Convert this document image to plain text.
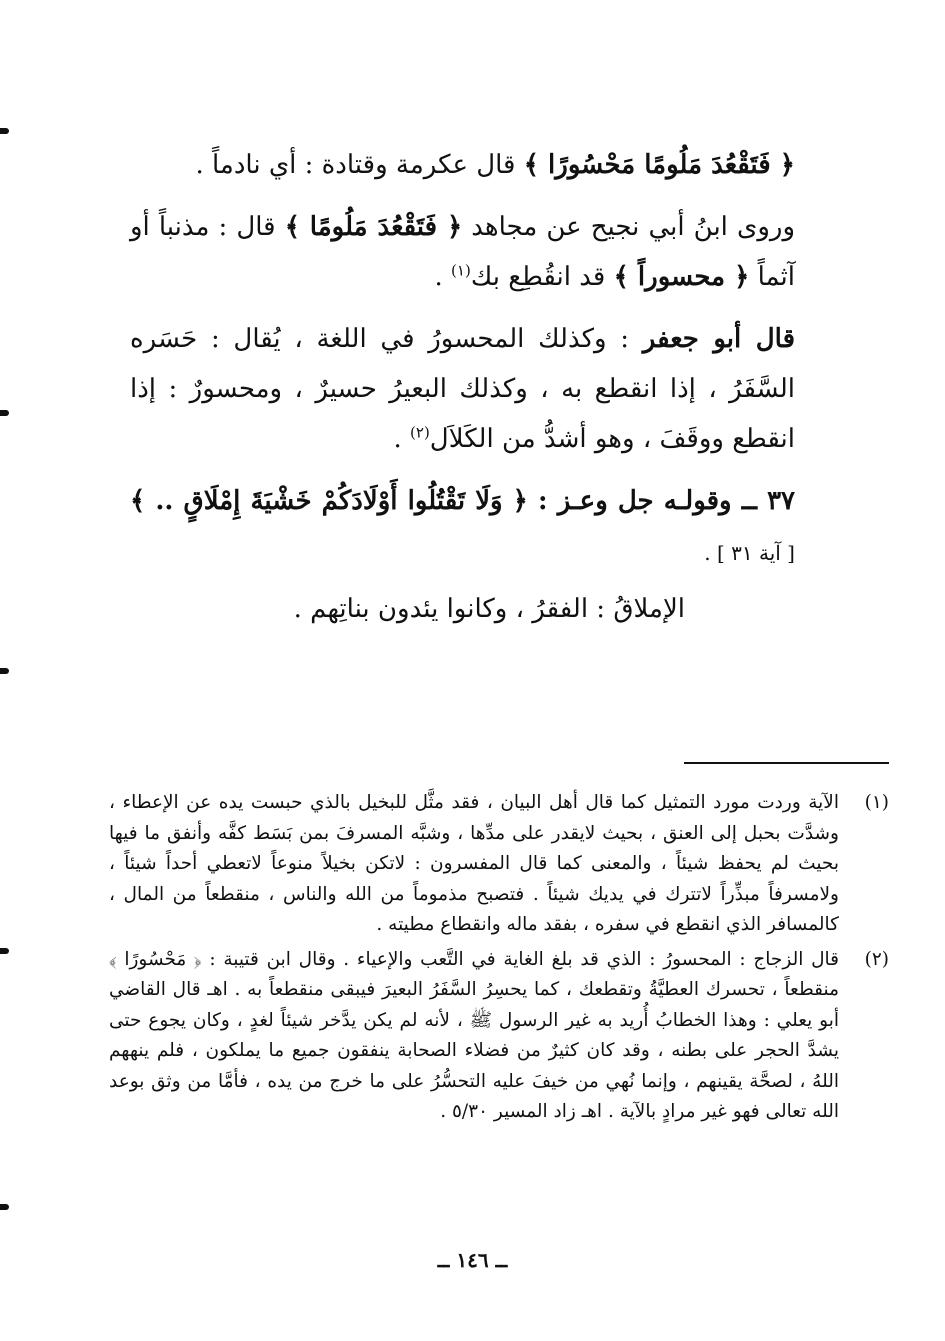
﴿ فَتَقْعُدَ مَلُومًا مَحْسُورًا ﴾ قال عكرمة وقتادة : أي نادماً .

وروى ابنُ أبي نجيح عن مجاهد ﴿ فَتَقْعُدَ مَلُومًا ﴾ قال : مذنباً أو آثماً ﴿ محسوراً ﴾ قد انقُطِع بك$^{(١)}$ .

قال أبو جعفر : وكذلك المحسورُ في اللغة ، يُقال : حَسَره السَّفَرُ ، إذا انقطع به ، وكذلك البعيرُ حسيرٌ ، ومحسورٌ : إذا انقطع ووقَفَ ، وهو أشدُّ من الكَلاَل$^{(٢)}$ .

٣٧ ــ وقولـه جل وعـز : ﴿ وَلَا تَقْتُلُوا أَوْلَادَكُمْ خَشْيَةَ إِمْلَاقٍ .. ﴾ [ آية ٣١ ] .

الإملاقُ : الفقرُ ، وكانوا يئدون بناتِهم .

(١)
الآية وردت مورد التمثيل كما قال أهل البيان ، فقد مثَّل للبخيل بالذي حبست يده عن الإعطاء ، وشدَّت بحبل إلى العنق ، بحيث لايقدر على مدِّها ، وشبَّه المسرفَ بمن بَسَط كفَّه وأنفق ما فيها بحيث لم يحفظ شيئاً ، والمعنى كما قال المفسرون : لاتكن بخيلاً منوعاً لاتعطي أحداً شيئاً ، ولامسرفاً مبذِّراً لاتترك في يديك شيئاً . فتصبح مذموماً من الله والناس ، منقطعاً من المال ، كالمسافر الذي انقطع في سفره ، بفقد ماله وانقطاع مطيته .
(٢)
قال الزجاج : المحسورُ : الذي قد بلغ الغاية في التَّعب والإعياء . وقال ابن قتيبة : ﴿ مَحْسُورًا ﴾ منقطعاً ، تحسرك العطيَّةُ وتقطعك ، كما يحسِرُ السَّفَرُ البعيرَ فيبقى منقطعاً به . اهـ قال القاضي أبو يعلي : وهذا الخطابُ أُريد به غير الرسول ﷺ ، لأنه لم يكن يدَّخر شيئاً لغدٍ ، وكان يجوع حتى يشدَّ الحجر على بطنه ، وقد كان كثيرٌ من فضلاء الصحابة ينفقون جميع ما يملكون ، فلم ينههم اللهُ ، لصحَّة يقينهم ، وإنما نُهي من خيفَ عليه التحسُّرُ على ما خرج من يده ، فأمَّا من وثق بوعد الله تعالى فهو غير مرادٍ بالآية . اهـ زاد المسير ٥/٣٠ .
ــ ١٤٦ ــ
